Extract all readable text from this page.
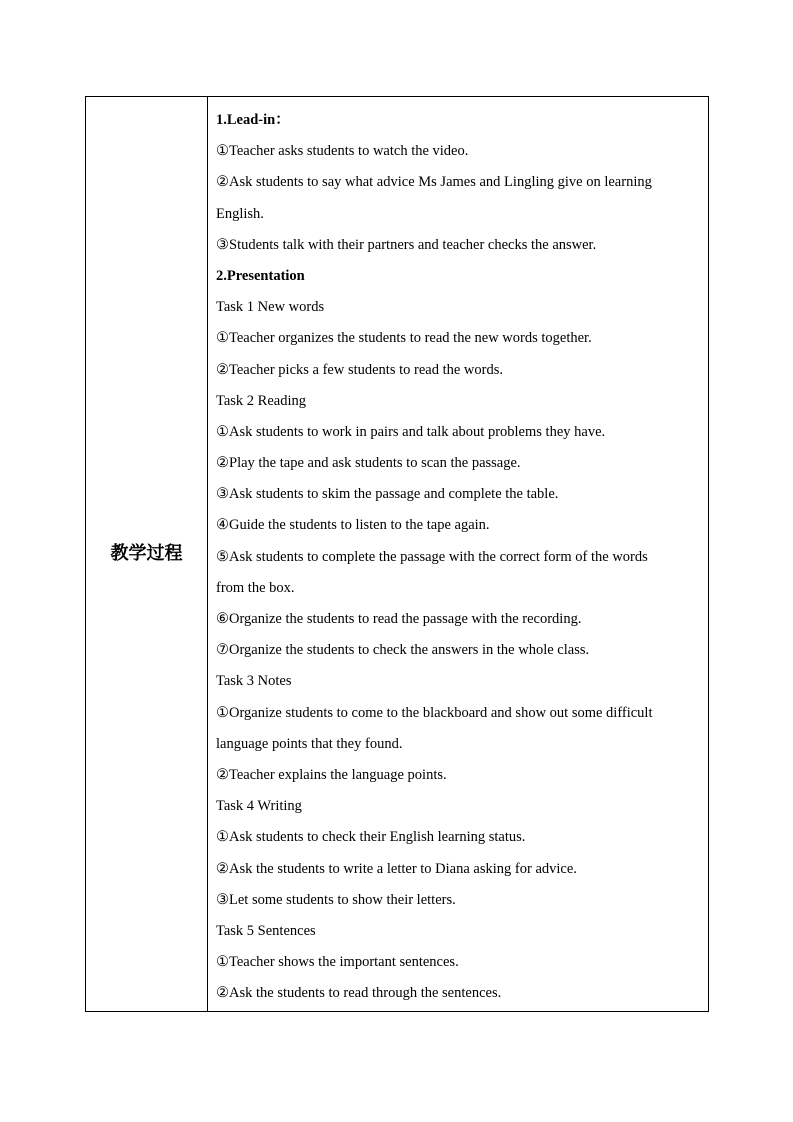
教学过程
1.Lead-in：
①Teacher asks students to watch the video.
②Ask students to say what advice Ms James and Lingling give on learning
English.
③Students talk with their partners and teacher checks the answer.
2.Presentation
Task 1 New words
①Teacher organizes the students to read the new words together.
②Teacher picks a few students to read the words.
Task 2 Reading
①Ask students to work in pairs and talk about problems they have.
②Play the tape and ask students to scan the passage.
③Ask students to skim the passage and complete the table.
④Guide the students to listen to the tape again.
⑤Ask students to complete the passage with the correct form of the words
from the box.
⑥Organize the students to read the passage with the recording.
⑦Organize the students to check the answers in the whole class.
Task 3 Notes
①Organize students to come to the blackboard and show out some difficult
language points that they found.
②Teacher explains the language points.
Task 4 Writing
①Ask students to check their English learning status.
②Ask the students to write a letter to Diana asking for advice.
③Let some students to show their letters.
Task 5 Sentences
①Teacher shows the important sentences.
②Ask the students to read through the sentences.
